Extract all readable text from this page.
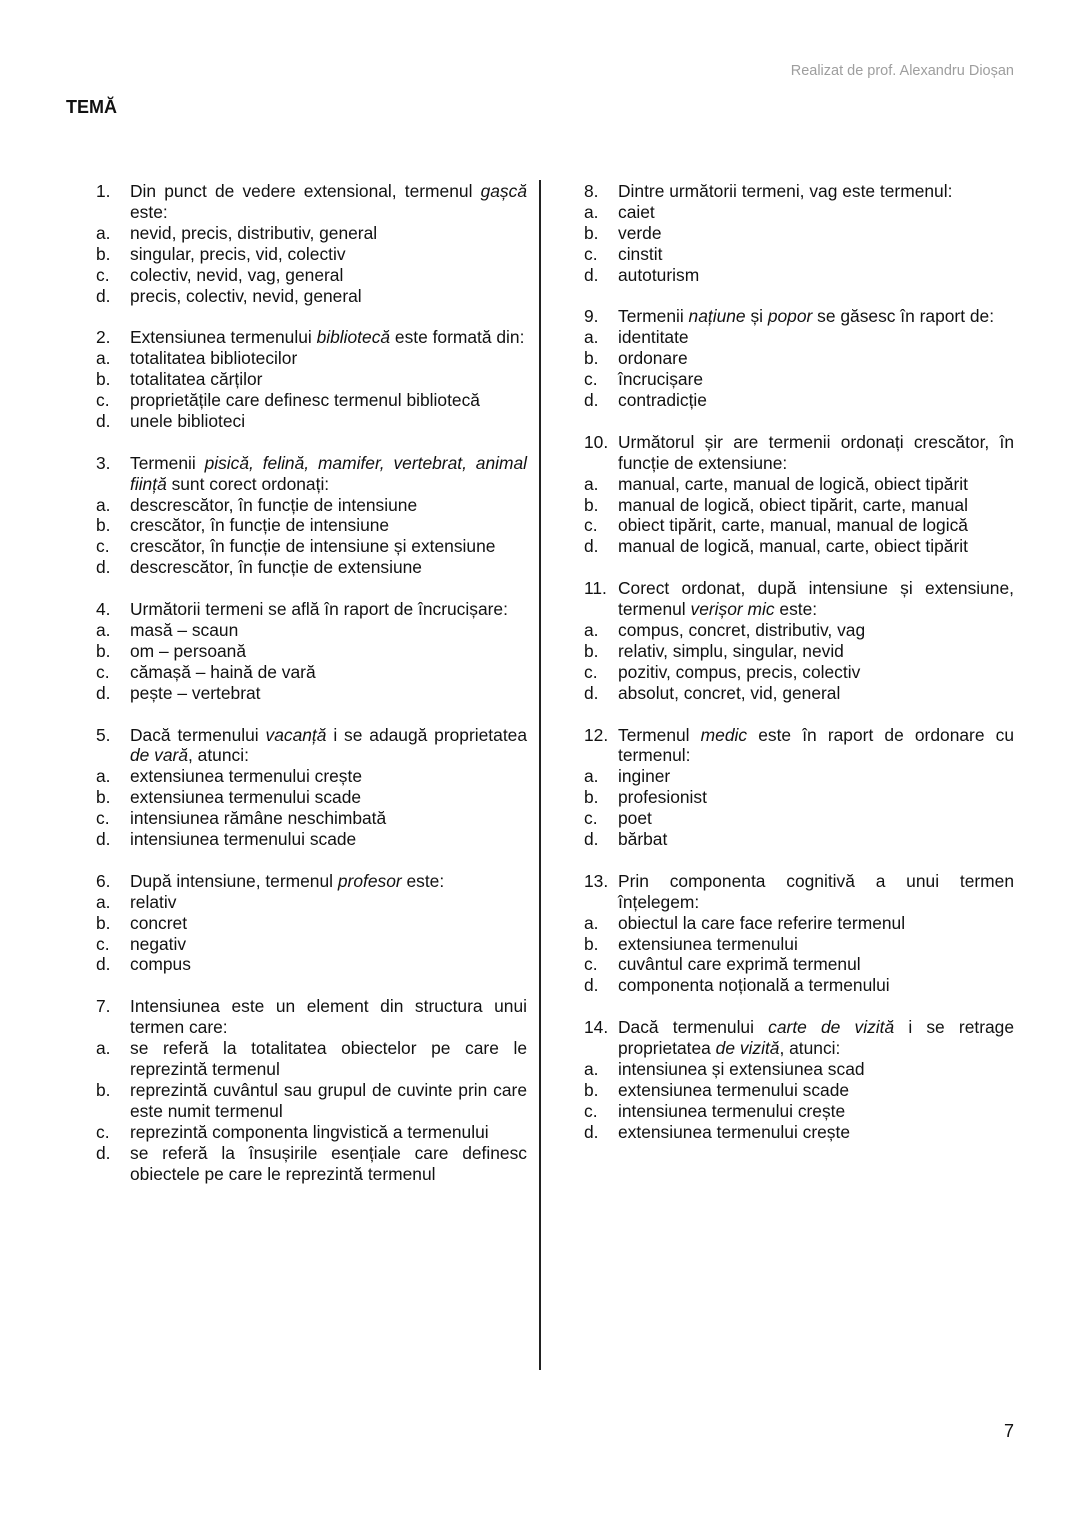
Realizat de prof. Alexandru Dioșan
TEMĂ
1.	Din punct de vedere extensional, termenul gașcă este:
a.	nevid, precis, distributiv, general
b.	singular, precis, vid, colectiv
c.	colectiv, nevid, vag, general
d.	precis, colectiv, nevid, general
2.	Extensiunea termenului bibliotecă este formată din:
a.	totalitatea bibliotecilor
b.	totalitatea cărților
c.	proprietățile care definesc termenul bibliotecă
d.	unele biblioteci
3.	Termenii pisică, felină, mamifer, vertebrat, animal ființă sunt corect ordonați:
a.	descrescător, în funcție de intensiune
b.	crescător, în funcție de intensiune
c.	crescător, în funcție de intensiune și extensiune
d.	descrescător, în funcție de extensiune
4.	Următorii termeni se află în raport de încrucișare:
a.	masă – scaun
b.	om – persoană
c.	cămașă – haină de vară
d.	pește – vertebrat
5.	Dacă termenului vacanță i se adaugă proprietatea de vară, atunci:
a.	extensiunea termenului crește
b.	extensiunea termenului scade
c.	intensiunea rămâne neschimbată
d.	intensiunea termenului scade
6.	După intensiune, termenul profesor este:
a.	relativ
b.	concret
c.	negativ
d.	compus
7.	Intensiunea este un element din structura unui termen care:
a.	se referă la totalitatea obiectelor pe care le reprezintă termenul
b.	reprezintă cuvântul sau grupul de cuvinte prin care este numit termenul
c.	reprezintă componenta lingvistică a termenului
d.	se referă la însușirile esențiale care definesc obiectele pe care le reprezintă termenul
8.	Dintre următorii termeni, vag este termenul:
a.	caiet
b.	verde
c.	cinstit
d.	autoturism
9.	Termenii națiune și popor se găsesc în raport de:
a.	identitate
b.	ordonare
c.	încrucișare
d.	contradicție
10. Următorul șir are termenii ordonați crescător, în funcție de extensiune:
a.	manual, carte, manual de logică, obiect tipărit
b.	manual de logică, obiect tipărit, carte, manual
c.	obiect tipărit, carte, manual, manual de logică
d.	manual de logică, manual, carte, obiect tipărit
11. Corect ordonat, după intensiune și extensiune, termenul verișor mic este:
a.	compus, concret, distributiv, vag
b.	relativ, simplu, singular, nevid
c.	pozitiv, compus, precis, colectiv
d.	absolut, concret, vid, general
12. Termenul medic este în raport de ordonare cu termenul:
a.	inginer
b.	profesionist
c.	poet
d.	bărbat
13. Prin componenta cognitivă a unui termen înțelegem:
a.	obiectul la care face referire termenul
b.	extensiunea termenului
c.	cuvântul care exprimă termenul
d.	componenta noțională a termenului
14. Dacă termenului carte de vizită i se retrage proprietatea de vizită, atunci:
a.	intensiunea și extensiunea scad
b.	extensiunea termenului scade
c.	intensiunea termenului crește
d.	extensiunea termenului crește
7
